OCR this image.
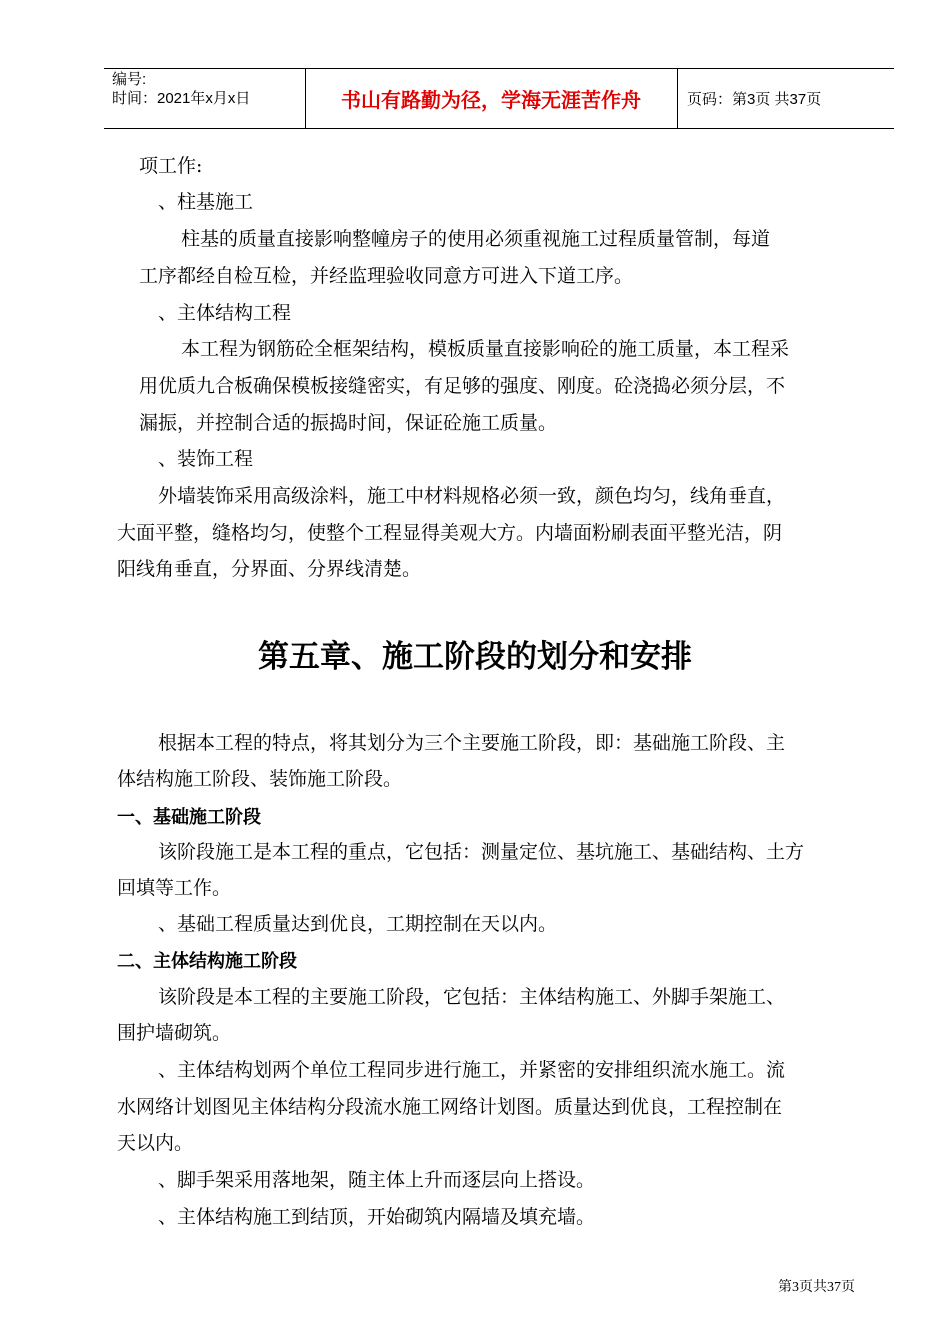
编号:
时间：2021年x月x日	书山有路勤为径，学海无涯苦作舟	页码：第3页 共37页
项工作:
、柱基施工
柱基的质量直接影响整幢房子的使用必须重视施工过程质量管制，每道
工序都经自检互检，并经监理验收同意方可进入下道工序。
、主体结构工程
本工程为钢筋砼全框架结构，模板质量直接影响砼的施工质量，本工程采
用优质九合板确保模板接缝密实，有足够的强度、刚度。砼浇捣必须分层，不
漏振，并控制合适的振捣时间，保证砼施工质量。
、装饰工程
外墙装饰采用高级涂料，施工中材料规格必须一致，颜色均匀，线角垂直，
大面平整，缝格均匀，使整个工程显得美观大方。内墙面粉刷表面平整光洁，阴
阳线角垂直，分界面、分界线清楚。
第五章、施工阶段的划分和安排
根据本工程的特点，将其划分为三个主要施工阶段，即：基础施工阶段、主
体结构施工阶段、装饰施工阶段。
一、基础施工阶段
该阶段施工是本工程的重点，它包括：测量定位、基坑施工、基础结构、土方
回填等工作。
、基础工程质量达到优良，工期控制在天以内。
二、主体结构施工阶段
该阶段是本工程的主要施工阶段，它包括：主体结构施工、外脚手架施工、
围护墙砌筑。
、主体结构划两个单位工程同步进行施工，并紧密的安排组织流水施工。流
水网络计划图见主体结构分段流水施工网络计划图。质量达到优良，工程控制在
天以内。
、脚手架采用落地架，随主体上升而逐层向上搭设。
、主体结构施工到结顶，开始砌筑内隔墙及填充墙。
第3页共37页
